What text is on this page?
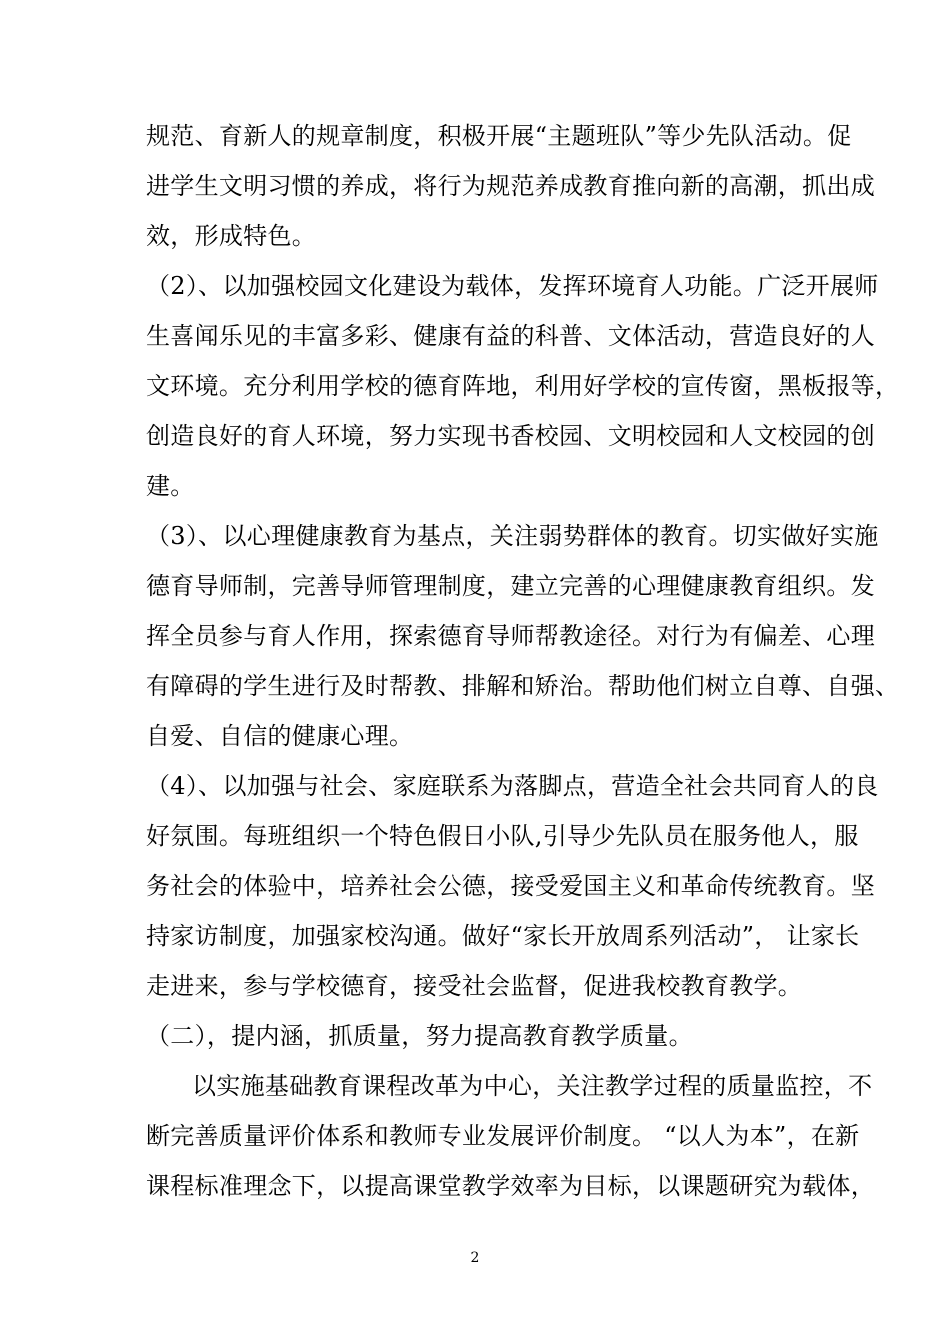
规范、育新人的规章制度，积极开展“主题班队”等少先队活动。促
进学生文明习惯的养成，将行为规范养成教育推向新的高潮，抓出成
效，形成特色。
（2）、以加强校园文化建设为载体，发挥环境育人功能。广泛开展师
生喜闻乐见的丰富多彩、健康有益的科普、文体活动，营造良好的人
文环境。充分利用学校的德育阵地，利用好学校的宣传窗，黑板报等，
创造良好的育人环境，努力实现书香校园、文明校园和人文校园的创
建。
（3）、以心理健康教育为基点，关注弱势群体的教育。切实做好实施
德育导师制，完善导师管理制度，建立完善的心理健康教育组织。发
挥全员参与育人作用，探索德育导师帮教途径。对行为有偏差、心理
有障碍的学生进行及时帮教、排解和矫治。帮助他们树立自尊、自强、
自爱、自信的健康心理。
（4）、以加强与社会、家庭联系为落脚点，营造全社会共同育人的良
好氛围。每班组织一个特色假日小队,引导少先队员在服务他人，服
务社会的体验中，培养社会公德，接受爱国主义和革命传统教育。坚
持家访制度，加强家校沟通。做好“家长开放周系列活动”， 让家长
走进来，参与学校德育，接受社会监督，促进我校教育教学。
（二），提内涵，抓质量，努力提高教育教学质量。
以实施基础教育课程改革为中心，关注教学过程的质量监控，不
断完善质量评价体系和教师专业发展评价制度。 “以人为本”，在新
课程标准理念下，以提高课堂教学效率为目标，以课题研究为载体，
2
